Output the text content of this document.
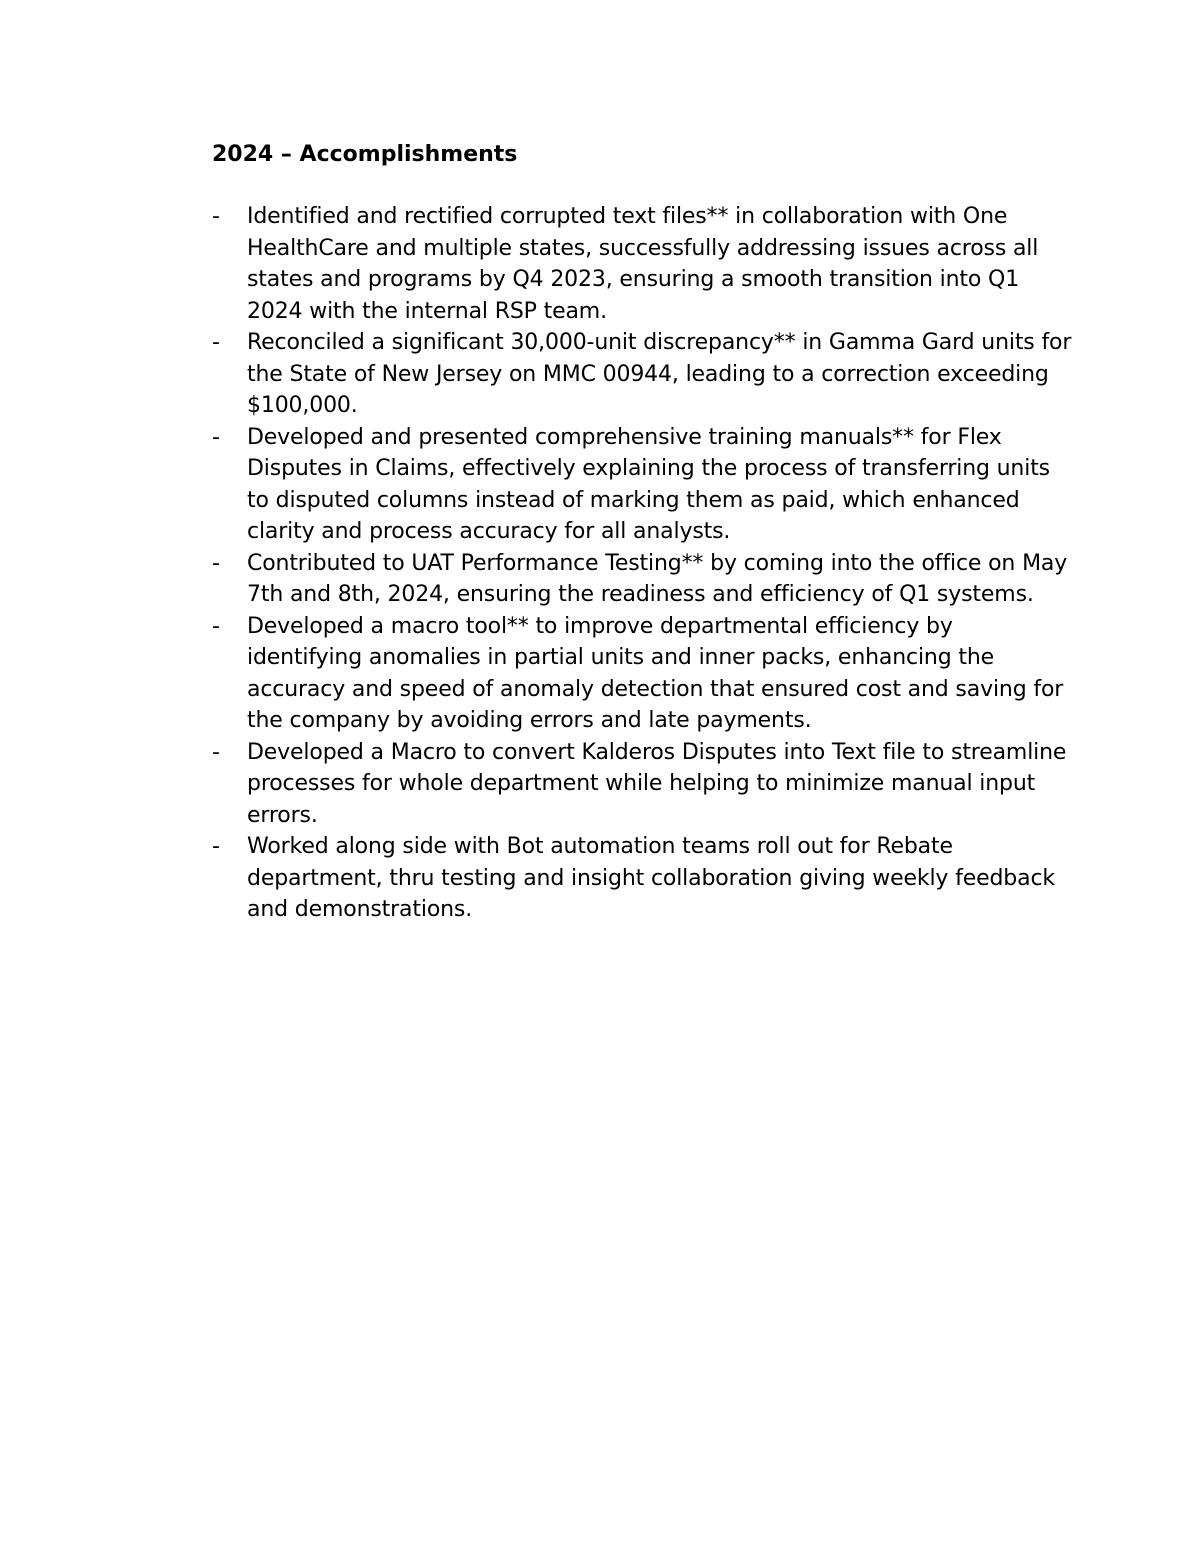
2024 – Accomplishments
- Identified and rectified corrupted text files** in collaboration with One HealthCare and multiple states, successfully addressing issues across all states and programs by Q4 2023, ensuring a smooth transition into Q1 2024 with the internal RSP team.
- Reconciled a significant 30,000-unit discrepancy** in Gamma Gard units for the State of New Jersey on MMC 00944, leading to a correction exceeding $100,000.
- Developed and presented comprehensive training manuals** for Flex Disputes in Claims, effectively explaining the process of transferring units to disputed columns instead of marking them as paid, which enhanced clarity and process accuracy for all analysts.
- Contributed to UAT Performance Testing** by coming into the office on May 7th and 8th, 2024, ensuring the readiness and efficiency of Q1 systems.
- Developed a macro tool** to improve departmental efficiency by identifying anomalies in partial units and inner packs, enhancing the accuracy and speed of anomaly detection that ensured cost and saving for the company by avoiding errors and late payments.
- Developed a Macro to convert Kalderos Disputes into Text file to streamline processes for whole department while helping to minimize manual input errors.
- Worked along side with Bot automation teams roll out for Rebate department, thru testing and insight collaboration giving weekly feedback and demonstrations.
